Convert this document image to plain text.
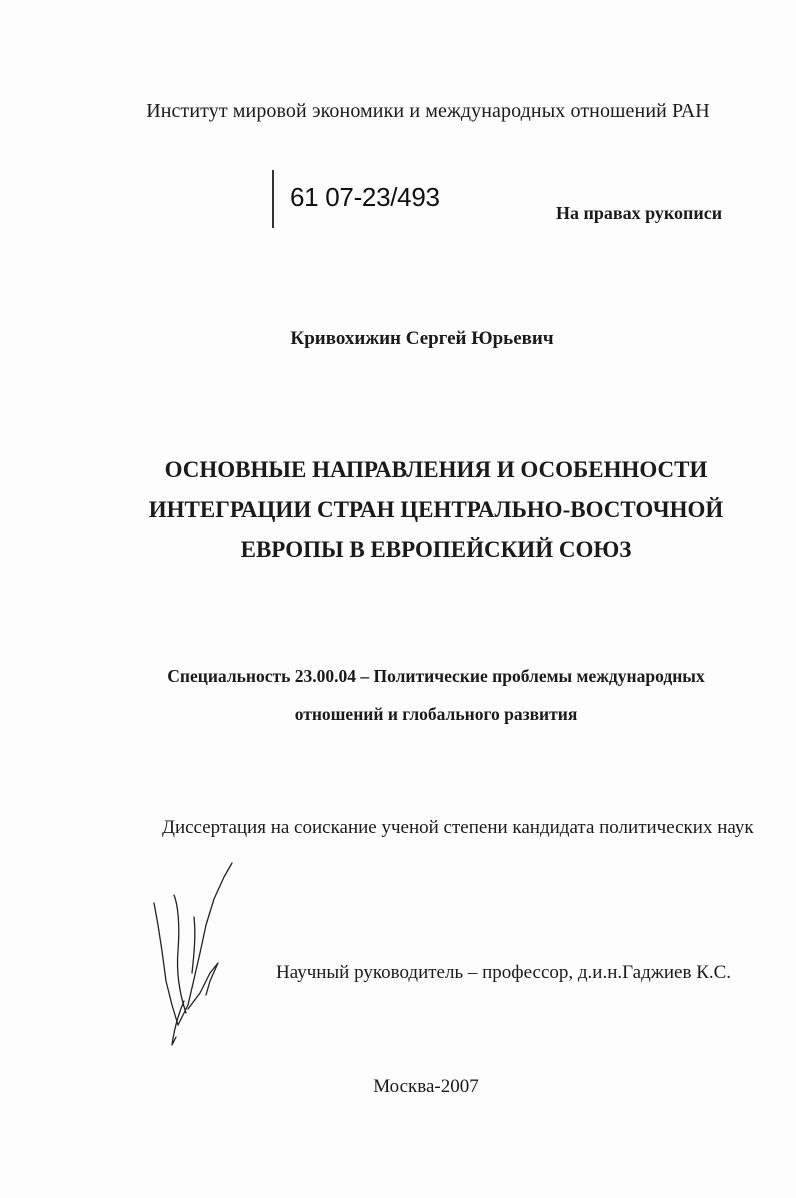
Институт мировой экономики и международных отношений РАН
61 07-23/493
На правах рукописи
Кривохижин Сергей Юрьевич
ОСНОВНЫЕ НАПРАВЛЕНИЯ И ОСОБЕННОСТИ
ИНТЕГРАЦИИ СТРАН ЦЕНТРАЛЬНО-ВОСТОЧНОЙ
ЕВРОПЫ В ЕВРОПЕЙСКИЙ СОЮЗ
Специальность 23.00.04 – Политические проблемы международных
отношений и глобального развития
Диссертация на соискание ученой степени кандидата политических наук
Научный руководитель – профессор, д.и.н.Гаджиев К.С.
Москва-2007
